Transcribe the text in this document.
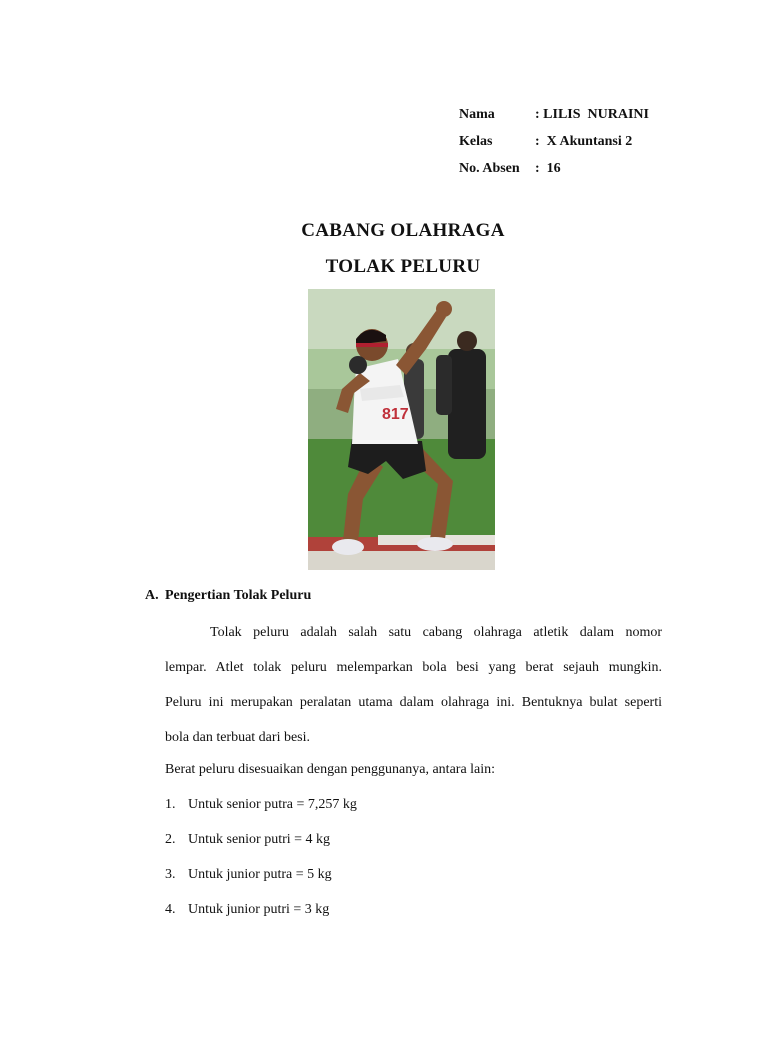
Nama	: LILIS  NURAINI
Kelas	:  X Akuntansi 2
No. Absen	:  16
CABANG OLAHRAGA
TOLAK PELURU
817
A. Pengertian Tolak Peluru
Tolak peluru adalah salah satu cabang olahraga atletik dalam nomor
lempar. Atlet tolak peluru melemparkan bola besi yang berat sejauh mungkin.
Peluru ini merupakan peralatan utama dalam olahraga ini. Bentuknya bulat seperti
bola dan terbuat dari besi.
Berat peluru disesuaikan dengan penggunanya, antara lain:
1. Untuk senior putra = 7,257 kg
2. Untuk senior putri = 4 kg
3. Untuk junior putra = 5 kg
4. Untuk junior putri = 3 kg
